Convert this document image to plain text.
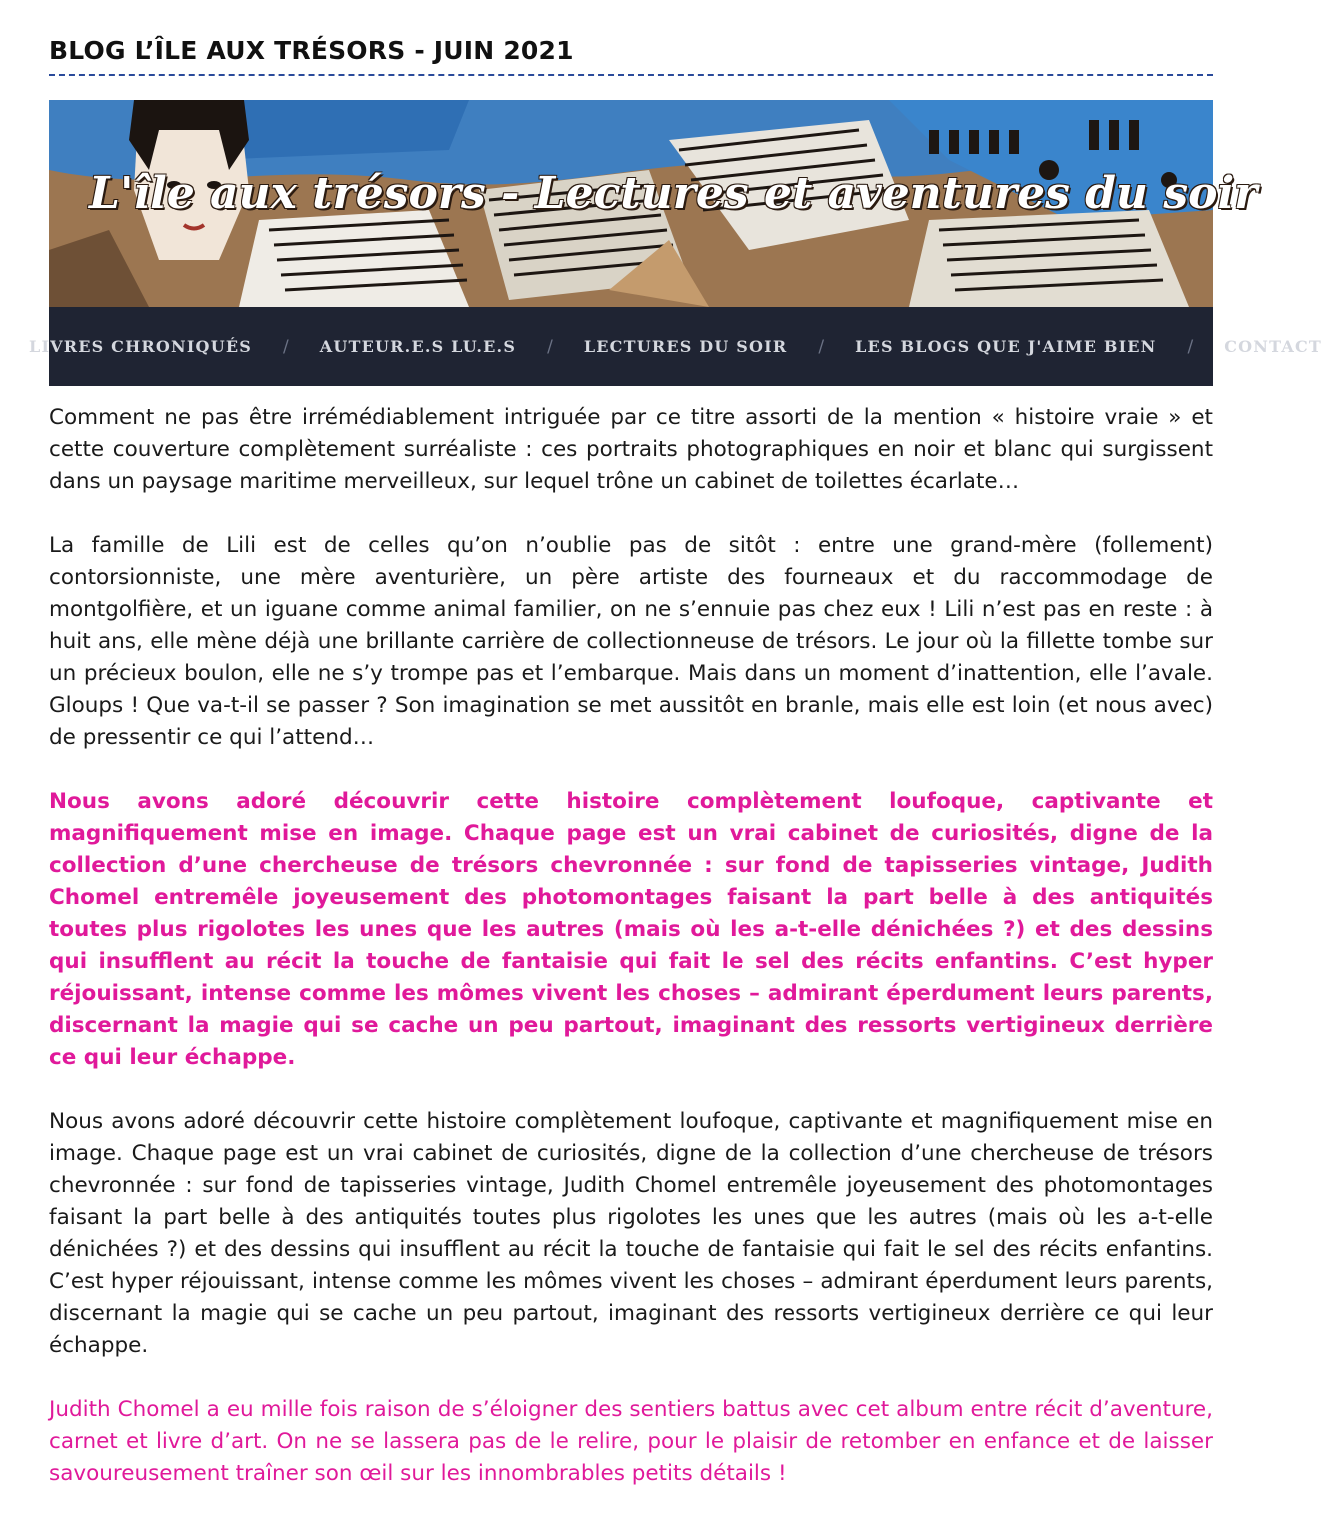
BLOG L’ÎLE AUX TRÉSORS - JUIN 2021
L'île aux trésors - Lectures et aventures du soir
LIVRES CHRONIQUÉS / AUTEUR.E.S LU.E.S / LECTURES DU SOIR / LES BLOGS QUE J'AIME BIEN / CONTACT

Comment ne pas être irrémédiablement intriguée par ce titre assorti de la mention « histoire vraie » et cette couverture complètement surréaliste : ces portraits photographiques en noir et blanc qui surgissent dans un paysage maritime merveilleux, sur lequel trône un cabinet de toilettes écarlate…

La famille de Lili est de celles qu’on n’oublie pas de sitôt : entre une grand-mère (follement) contorsionniste, une mère aventurière, un père artiste des fourneaux et du raccommodage de montgolfière, et un iguane comme animal familier, on ne s’ennuie pas chez eux ! Lili n’est pas en reste : à huit ans, elle mène déjà une brillante carrière de collectionneuse de trésors. Le jour où la fillette tombe sur un précieux boulon, elle ne s’y trompe pas et l’embarque. Mais dans un moment d’inattention, elle l’avale. Gloups ! Que va-t-il se passer ? Son imagination se met aussitôt en branle, mais elle est loin (et nous avec) de pressentir ce qui l’attend…

Nous avons adoré découvrir cette histoire complètement loufoque, captivante et magnifiquement mise en image. Chaque page est un vrai cabinet de curiosités, digne de la collection d’une chercheuse de trésors chevronnée : sur fond de tapisseries vintage, Judith Chomel entremêle joyeusement des photomontages faisant la part belle à des antiquités toutes plus rigolotes les unes que les autres (mais où les a-t-elle dénichées ?) et des dessins qui insufflent au récit la touche de fantaisie qui fait le sel des récits enfantins. C’est hyper réjouissant, intense comme les mômes vivent les choses – admirant éperdument leurs parents, discernant la magie qui se cache un peu partout, imaginant des ressorts vertigineux derrière ce qui leur échappe.

Nous avons adoré découvrir cette histoire complètement loufoque, captivante et magnifiquement mise en image. Chaque page est un vrai cabinet de curiosités, digne de la collection d’une chercheuse de trésors chevronnée : sur fond de tapisseries vintage, Judith Chomel entremêle joyeusement des photomontages faisant la part belle à des antiquités toutes plus rigolotes les unes que les autres (mais où les a-t-elle dénichées ?) et des dessins qui insufflent au récit la touche de fantaisie qui fait le sel des récits enfantins. C’est hyper réjouissant, intense comme les mômes vivent les choses – admirant éperdument leurs parents, discernant la magie qui se cache un peu partout, imaginant des ressorts vertigineux derrière ce qui leur échappe.

Judith Chomel a eu mille fois raison de s’éloigner des sentiers battus avec cet album entre récit d’aventure, carnet et livre d’art. On ne se lassera pas de le relire, pour le plaisir de retomber en enfance et de laisser savoureusement traîner son œil sur les innombrables petits détails !
